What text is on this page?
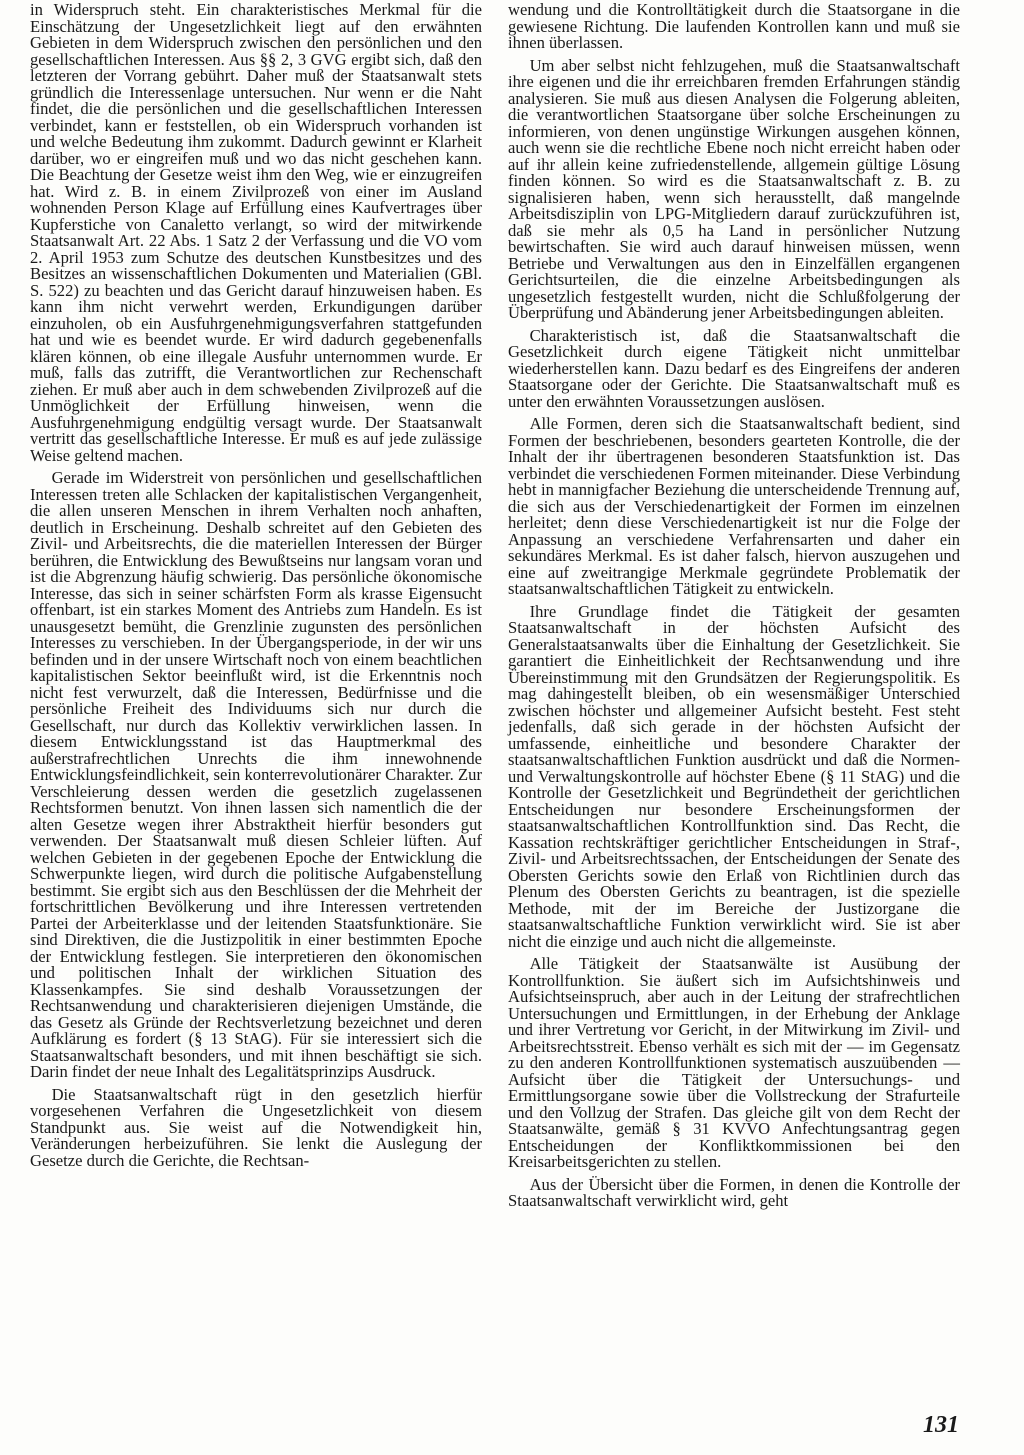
in Widerspruch steht. Ein charakteristisches Merkmal für die Einschätzung der Ungesetzlichkeit liegt auf den erwähnten Gebieten in dem Widerspruch zwischen den persönlichen und den gesellschaftlichen Interessen. Aus §§ 2, 3 GVG ergibt sich, daß den letzteren der Vorrang gebührt. Daher muß der Staatsanwalt stets gründlich die Interessenlage untersuchen. Nur wenn er die Naht findet, die die persönlichen und die gesellschaftlichen Interessen verbindet, kann er feststellen, ob ein Widerspruch vorhanden ist und welche Bedeutung ihm zukommt. Dadurch gewinnt er Klarheit darüber, wo er eingreifen muß und wo das nicht geschehen kann. Die Beachtung der Gesetze weist ihm den Weg, wie er einzugreifen hat. Wird z. B. in einem Zivilprozeß von einer im Ausland wohnenden Person Klage auf Erfüllung eines Kaufvertrages über Kupferstiche von Canaletto verlangt, so wird der mitwirkende Staatsanwalt Art. 22 Abs. 1 Satz 2 der Verfassung und die VO vom 2. April 1953 zum Schutze des deutschen Kunstbesitzes und des Besitzes an wissenschaftlichen Dokumenten und Materialien (GBl. S. 522) zu beachten und das Gericht darauf hinzuweisen haben. Es kann ihm nicht verwehrt werden, Erkundigungen darüber einzuholen, ob ein Ausfuhrgenehmigungsverfahren stattgefunden hat und wie es beendet wurde. Er wird dadurch gegebenenfalls klären können, ob eine illegale Ausfuhr unternommen wurde. Er muß, falls das zutrifft, die Verantwortlichen zur Rechenschaft ziehen. Er muß aber auch in dem schwebenden Zivilprozeß auf die Unmöglichkeit der Erfüllung hinweisen, wenn die Ausfuhrgenehmigung endgültig versagt wurde. Der Staatsanwalt vertritt das gesellschaftliche Interesse. Er muß es auf jede zulässige Weise geltend machen.

Gerade im Widerstreit von persönlichen und gesellschaftlichen Interessen treten alle Schlacken der kapitalistischen Vergangenheit, die allen unseren Menschen in ihrem Verhalten noch anhaften, deutlich in Erscheinung. Deshalb schreitet auf den Gebieten des Zivil- und Arbeitsrechts, die die materiellen Interessen der Bürger berühren, die Entwicklung des Bewußtseins nur langsam voran und ist die Abgrenzung häufig schwierig. Das persönliche ökonomische Interesse, das sich in seiner schärfsten Form als krasse Eigensucht offenbart, ist ein starkes Moment des Antriebs zum Handeln. Es ist unausgesetzt bemüht, die Grenzlinie zugunsten des persönlichen Interesses zu verschieben. In der Übergangsperiode, in der wir uns befinden und in der unsere Wirtschaft noch von einem beachtlichen kapitalistischen Sektor beeinflußt wird, ist die Erkenntnis noch nicht fest verwurzelt, daß die Interessen, Bedürfnisse und die persönliche Freiheit des Individuums sich nur durch die Gesellschaft, nur durch das Kollektiv verwirklichen lassen. In diesem Entwicklungsstand ist das Hauptmerkmal des außerstrafrechtlichen Unrechts die ihm innewohnende Entwicklungsfeindlichkeit, sein konterrevolutionärer Charakter. Zur Verschleierung dessen werden die gesetzlich zugelassenen Rechtsformen benutzt. Von ihnen lassen sich namentlich die der alten Gesetze wegen ihrer Abstraktheit hierfür besonders gut verwenden. Der Staatsanwalt muß diesen Schleier lüften. Auf welchen Gebieten in der gegebenen Epoche der Entwicklung die Schwerpunkte liegen, wird durch die politische Aufgabenstellung bestimmt. Sie ergibt sich aus den Beschlüssen der die Mehrheit der fortschrittlichen Bevölkerung und ihre Interessen vertretenden Partei der Arbeiterklasse und der leitenden Staatsfunktionäre. Sie sind Direktiven, die die Justizpolitik in einer bestimmten Epoche der Entwicklung festlegen. Sie interpretieren den ökonomischen und politischen Inhalt der wirklichen Situation des Klassenkampfes. Sie sind deshalb Voraussetzungen der Rechtsanwendung und charakterisieren diejenigen Umstände, die das Gesetz als Gründe der Rechtsverletzung bezeichnet und deren Aufklärung es fordert (§ 13 StAG). Für sie interessiert sich die Staatsanwaltschaft besonders, und mit ihnen beschäftigt sie sich. Darin findet der neue Inhalt des Legalitätsprinzips Ausdruck.

Die Staatsanwaltschaft rügt in den gesetzlich hierfür vorgesehenen Verfahren die Ungesetzlichkeit von diesem Standpunkt aus. Sie weist auf die Notwendigkeit hin, Veränderungen herbeizuführen. Sie lenkt die Auslegung der Gesetze durch die Gerichte, die Rechtsan-

wendung und die Kontrolltätigkeit durch die Staatsorgane in die gewiesene Richtung. Die laufenden Kontrollen kann und muß sie ihnen überlassen.

Um aber selbst nicht fehlzugehen, muß die Staatsanwaltschaft ihre eigenen und die ihr erreichbaren fremden Erfahrungen ständig analysieren. Sie muß aus diesen Analysen die Folgerung ableiten, die verantwortlichen Staatsorgane über solche Erscheinungen zu informieren, von denen ungünstige Wirkungen ausgehen können, auch wenn sie die rechtliche Ebene noch nicht erreicht haben oder auf ihr allein keine zufriedenstellende, allgemein gültige Lösung finden können. So wird es die Staatsanwaltschaft z. B. zu signalisieren haben, wenn sich herausstellt, daß mangelnde Arbeitsdisziplin von LPG-Mitgliedern darauf zurückzuführen ist, daß sie mehr als 0,5 ha Land in persönlicher Nutzung bewirtschaften. Sie wird auch darauf hinweisen müssen, wenn Betriebe und Verwaltungen aus den in Einzelfällen ergangenen Gerichtsurteilen, die die einzelne Arbeitsbedingungen als ungesetzlich festgestellt wurden, nicht die Schlußfolgerung der Überprüfung und Abänderung jener Arbeitsbedingungen ableiten.

Charakteristisch ist, daß die Staatsanwaltschaft die Gesetzlichkeit durch eigene Tätigkeit nicht unmittelbar wiederherstellen kann. Dazu bedarf es des Eingreifens der anderen Staatsorgane oder der Gerichte. Die Staatsanwaltschaft muß es unter den erwähnten Voraussetzungen auslösen.

Alle Formen, deren sich die Staatsanwaltschaft bedient, sind Formen der beschriebenen, besonders gearteten Kontrolle, die der Inhalt der ihr übertragenen besonderen Staatsfunktion ist. Das verbindet die verschiedenen Formen miteinander. Diese Verbindung hebt in mannigfacher Beziehung die unterscheidende Trennung auf, die sich aus der Verschiedenartigkeit der Formen im einzelnen herleitet; denn diese Verschiedenartigkeit ist nur die Folge der Anpassung an verschiedene Verfahrensarten und daher ein sekundäres Merkmal. Es ist daher falsch, hiervon auszugehen und eine auf zweitrangige Merkmale gegründete Problematik der staatsanwaltschaftlichen Tätigkeit zu entwickeln.

Ihre Grundlage findet die Tätigkeit der gesamten Staatsanwaltschaft in der höchsten Aufsicht des Generalstaatsanwalts über die Einhaltung der Gesetzlichkeit. Sie garantiert die Einheitlichkeit der Rechtsanwendung und ihre Übereinstimmung mit den Grundsätzen der Regierungspolitik. Es mag dahingestellt bleiben, ob ein wesensmäßiger Unterschied zwischen höchster und allgemeiner Aufsicht besteht. Fest steht jedenfalls, daß sich gerade in der höchsten Aufsicht der umfassende, einheitliche und besondere Charakter der staatsanwaltschaftlichen Funktion ausdrückt und daß die Normen- und Verwaltungskontrolle auf höchster Ebene (§ 11 StAG) und die Kontrolle der Gesetzlichkeit und Begründetheit der gerichtlichen Entscheidungen nur besondere Erscheinungsformen der staatsanwaltschaftlichen Kontrollfunktion sind. Das Recht, die Kassation rechtskräftiger gerichtlicher Entscheidungen in Straf-, Zivil- und Arbeitsrechtssachen, der Entscheidungen der Senate des Obersten Gerichts sowie den Erlaß von Richtlinien durch das Plenum des Obersten Gerichts zu beantragen, ist die spezielle Methode, mit der im Bereiche der Justizorgane die staatsanwaltschaftliche Funktion verwirklicht wird. Sie ist aber nicht die einzige und auch nicht die allgemeinste.

Alle Tätigkeit der Staatsanwälte ist Ausübung der Kontrollfunktion. Sie äußert sich im Aufsichtshinweis und Aufsichtseinspruch, aber auch in der Leitung der strafrechtlichen Untersuchungen und Ermittlungen, in der Erhebung der Anklage und ihrer Vertretung vor Gericht, in der Mitwirkung im Zivil- und Arbeitsrechtsstreit. Ebenso verhält es sich mit der — im Gegensatz zu den anderen Kontrollfunktionen systematisch auszuübenden — Aufsicht über die Tätigkeit der Untersuchungs- und Ermittlungsorgane sowie über die Vollstreckung der Strafurteile und den Vollzug der Strafen. Das gleiche gilt von dem Recht der Staatsanwälte, gemäß § 31 KVVO Anfechtungsantrag gegen Entscheidungen der Konfliktkommissionen bei den Kreisarbeitsgerichten zu stellen.

Aus der Übersicht über die Formen, in denen die Kontrolle der Staatsanwaltschaft verwirklicht wird, geht

131
